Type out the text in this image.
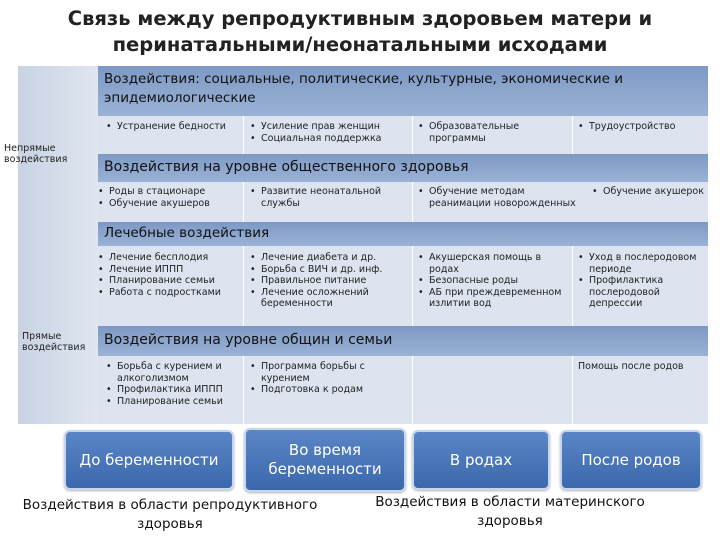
Связь между репродуктивным здоровьем матери и перинатальными/неонатальными исходами
Непрямые воздействия
Прямые воздействия
Воздействия: социальные, политические, культурные, экономические и эпидемиологические
Воздействия на уровне общественного здоровья
Лечебные воздействия
Воздействия на уровне общин и семьи
• Устранение бедности
•	Усиление прав женщин
• Социальная поддержка
• Образовательные программы
• Трудоустройство
• Роды в стационаре
• Обучение акушеров
• Развитие неонатальной службы
• Обучение методам реанимации новорожденных
• Обучение акушерок
• Лечение бесплодия
• Лечение ИППП
• Планирование семьи
• Работа с подростками
• Лечение диабета и др.
• Борьба с ВИЧ и др. инф.
• Правильное питание
• Лечение осложнений беременности
• Акушерская помощь в родах
• Безопасные роды
• АБ при преждевременном излитии вод
• Уход в послеродовом периоде
• Профилактика послеродовой депрессии
• Борьба с курением и алкоголизмом
• Профилактика ИППП
• Планирование семьи
• Программа борьбы с курением
• Подготовка к родам
Помощь после родов
До беременности
Во время беременности
В родах	После родов
Воздействия в области репродуктивного здоровья
Воздействия в области материнского здоровья
